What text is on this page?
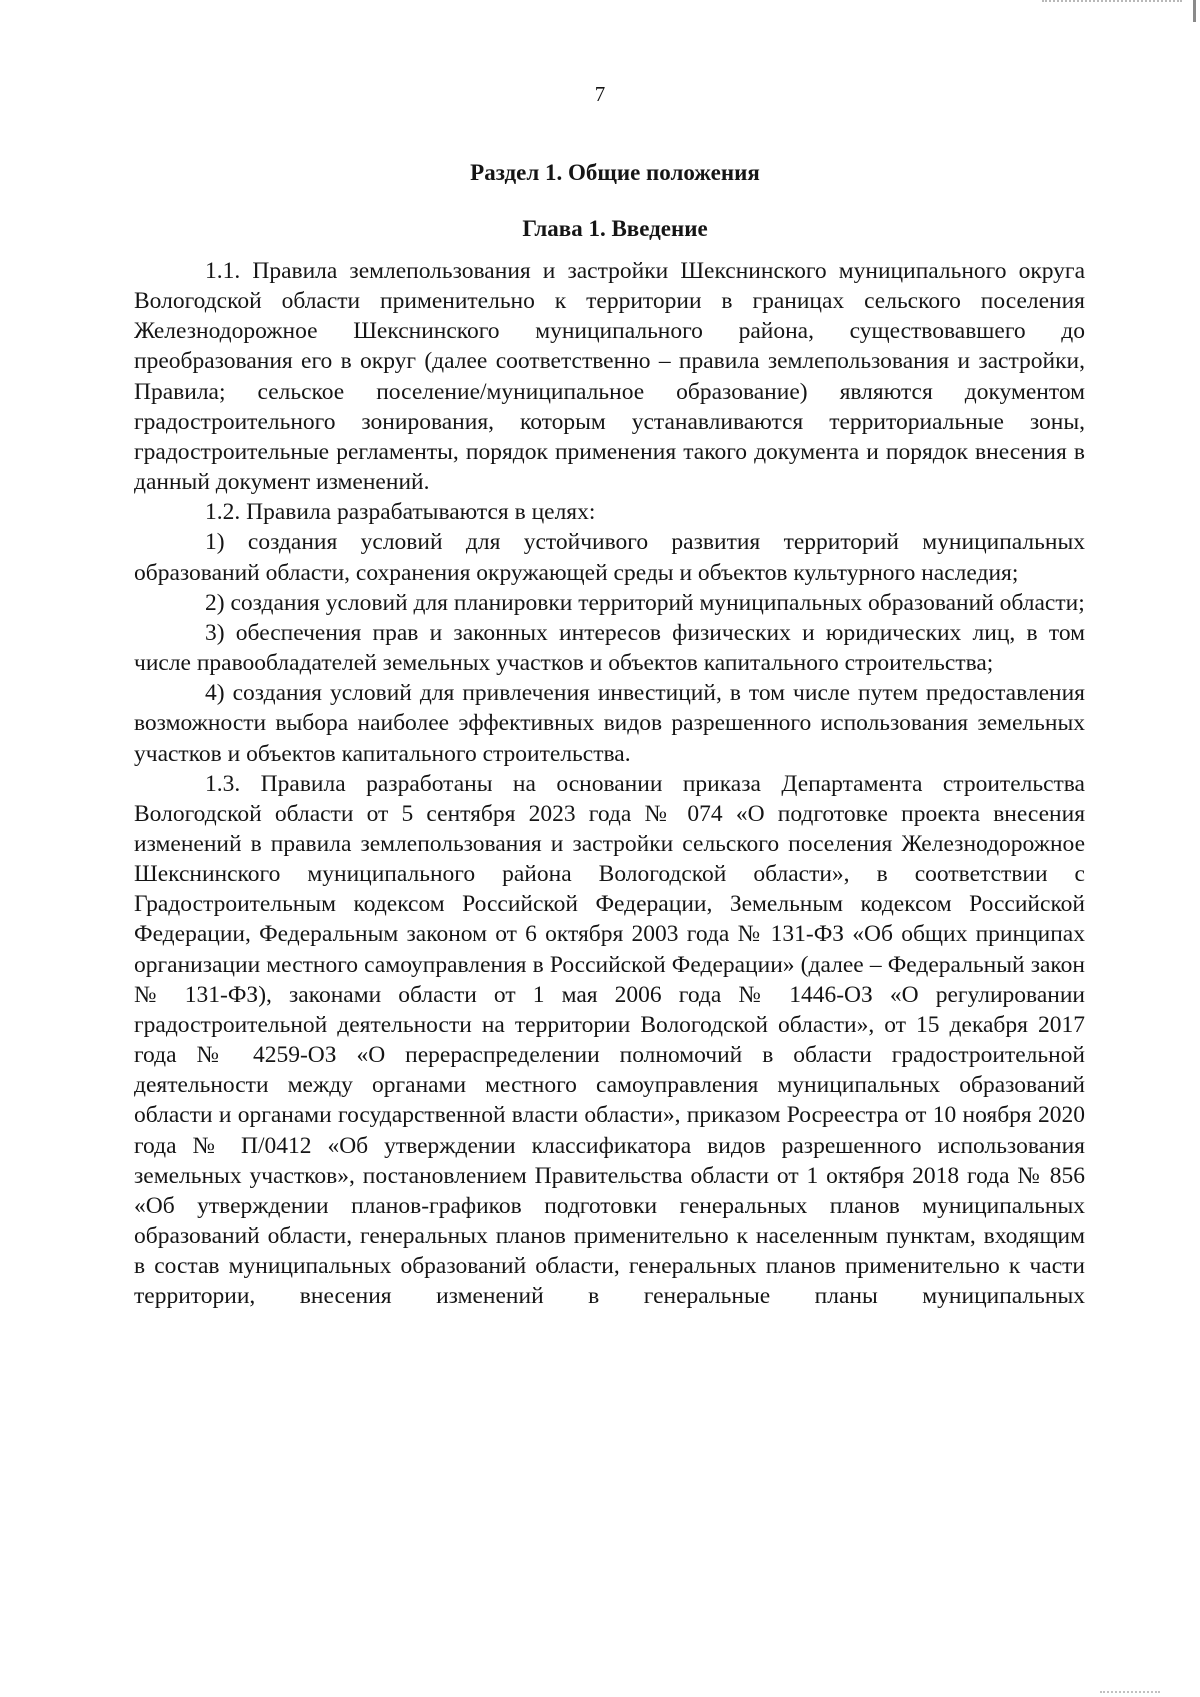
7
Раздел 1. Общие положения
Глава 1. Введение

1.1. Правила землепользования и застройки Шекснинского муниципального округа Вологодской области применительно к территории в границах сельского поселения Железнодорожное Шекснинского муниципального района, существовавшего до преобразования его в округ (далее соответственно – правила землепользования и застройки, Правила; сельское поселение/муниципальное образование) являются документом градостроительного зонирования, которым устанавливаются территориальные зоны, градостроительные регламенты, порядок применения такого документа и порядок внесения в данный документ изменений.

1.2. Правила разрабатываются в целях:

1) создания условий для устойчивого развития территорий муниципальных образований области, сохранения окружающей среды и объектов культурного наследия;

2) создания условий для планировки территорий муниципальных образований области;

3) обеспечения прав и законных интересов физических и юридических лиц, в том числе правообладателей земельных участков и объектов капитального строительства;

4) создания условий для привлечения инвестиций, в том числе путем предоставления возможности выбора наиболее эффективных видов разрешенного использования земельных участков и объектов капитального строительства.

1.3. Правила разработаны на основании приказа Департамента строительства Вологодской области от 5 сентября 2023 года № 074 «О подготовке проекта внесения изменений в правила землепользования и застройки сельского поселения Железнодорожное Шекснинского муниципального района Вологодской области», в соответствии с Градостроительным кодексом Российской Федерации, Земельным кодексом Российской Федерации, Федеральным законом от 6 октября 2003 года № 131-ФЗ «Об общих принципах организации местного самоуправления в Российской Федерации» (далее – Федеральный закон № 131-ФЗ), законами области от 1 мая 2006 года № 1446-ОЗ «О регулировании градостроительной деятельности на территории Вологодской области», от 15 декабря 2017 года № 4259-ОЗ «О перераспределении полномочий в области градостроительной деятельности между органами местного самоуправления муниципальных образований области и органами государственной власти области», приказом Росреестра от 10 ноября 2020 года № П/0412 «Об утверждении классификатора видов разрешенного использования земельных участков», постановлением Правительства области от 1 октября 2018 года № 856 «Об утверждении планов-графиков подготовки генеральных планов муниципальных образований области, генеральных планов применительно к населенным пунктам, входящим в состав муниципальных образований области, генеральных планов применительно к части территории, внесения изменений в генеральные планы муниципальных
